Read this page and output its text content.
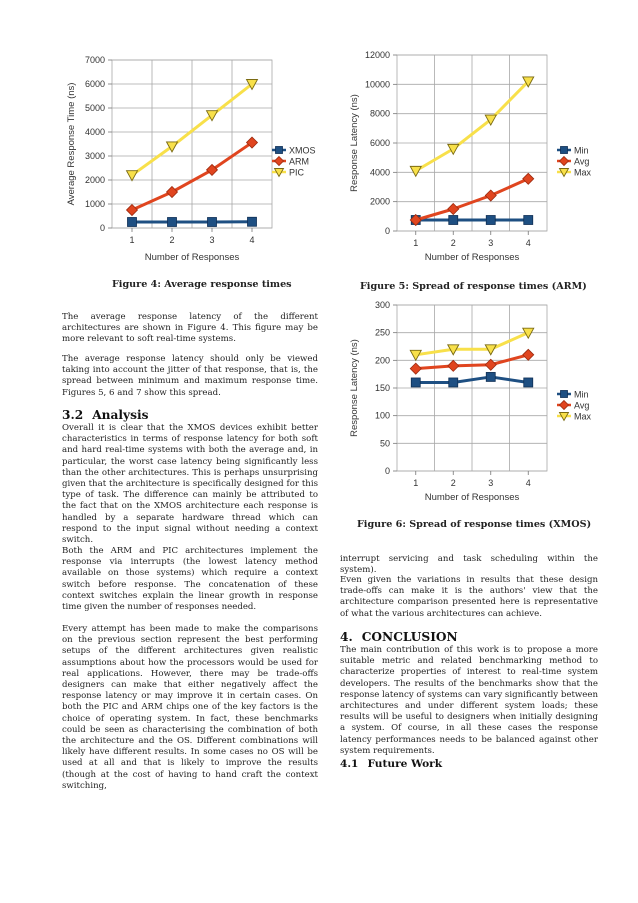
0
1000
2000
3000
4000
5000
6000
7000
1	2	3	4
Number of Responses
Average Response Time (ns)	XMOS
ARM
PIC
Figure 4: Average response times
0
2000
4000
6000
8000
10000
12000
1	2	3	4
Number of Responses
Response Latency (ns)	Min
Avg
Max
Figure 5: Spread of response times (ARM)
0
50
100
150
200
250
300
1	2	3	4
Number of Responses
Response Latency (ns)	Min
Avg
Max
Figure 6: Spread of response times (XMOS)

The average response latency of the different architectures are shown in Figure 4. This figure may be more relevant to soft real-time systems.

The average response latency should only be viewed taking into account the jitter of that response, that is, the spread between minimum and maximum response time. Figures 5, 6 and 7 show this spread.

3.2 Analysis

Overall it is clear that the XMOS devices exhibit better characteristics in terms of response latency for both soft and hard real-time systems with both the average and, in particular, the worst case latency being significantly less than the other architectures. This is perhaps unsurprising given that the architecture is specifically designed for this type of task. The difference can mainly be attributed to the fact that on the XMOS architecture each response is handled by a separate hardware thread which can respond to the input signal without needing a context switch.

Both the ARM and PIC architectures implement the response via interrupts (the lowest latency method available on those systems) which require a context switch before response. The concatenation of these context switches explain the linear growth in response time given the number of responses needed.

Every attempt has been made to make the comparisons on the previous section represent the best performing setups of the different architectures given realistic assumptions about how the processors would be used for real applications. However, there may be trade-offs designers can make that either negatively affect the response latency or may improve it in certain cases. On both the PIC and ARM chips one of the key factors is the choice of operating system. In fact, these benchmarks could be seen as characterising the combination of both the architecture and the OS. Different combinations will likely have different results. In some cases no OS will be used at all and that is likely to improve the results (though at the cost of having to hand craft the context switching,

interrupt servicing and task scheduling within the system).

Even given the variations in results that these design trade-offs can make it is the authors' view that the architecture comparison presented here is representative of what the various architectures can achieve.

4. CONCLUSION

The main contribution of this work is to propose a more suitable metric and related benchmarking method to characterize properties of interest to real-time system developers. The results of the benchmarks show that the response latency of systems can vary significantly between architectures and under different system loads; these results will be useful to designers when initially designing a system. Of course, in all these cases the response latency performances needs to be balanced against other system requirements.

4.1 Future Work
